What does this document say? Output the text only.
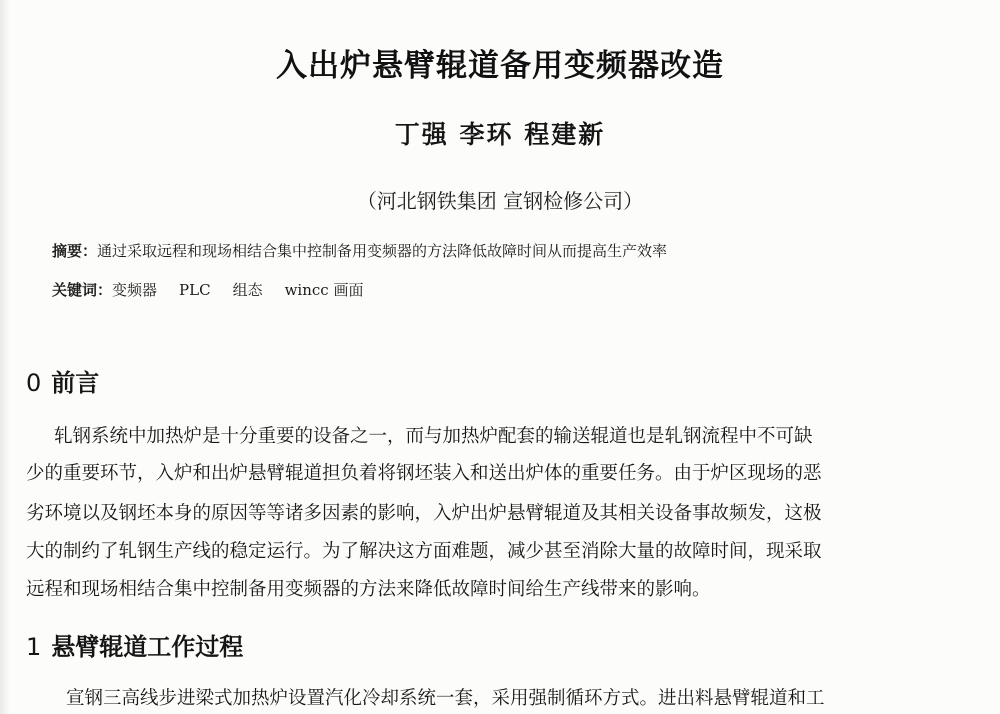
入出炉悬臂辊道备用变频器改造
丁强 李环 程建新
（河北钢铁集团 宣钢检修公司）
摘要：通过采取远程和现场相结合集中控制备用变频器的方法降低故障时间从而提高生产效率
关键词：变频器 PLC 组态 wincc 画面
0 前言
轧钢系统中加热炉是十分重要的设备之一，而与加热炉配套的输送辊道也是轧钢流程中不可缺
少的重要环节，入炉和出炉悬臂辊道担负着将钢坯装入和送出炉体的重要任务。由于炉区现场的恶
劣环境以及钢坯本身的原因等等诸多因素的影响，入炉出炉悬臂辊道及其相关设备事故频发，这极
大的制约了轧钢生产线的稳定运行。为了解决这方面难题，减少甚至消除大量的故障时间，现采取
远程和现场相结合集中控制备用变频器的方法来降低故障时间给生产线带来的影响。
1 悬臂辊道工作过程
宣钢三高线步进梁式加热炉设置汽化冷却系统一套，采用强制循环方式。进出料悬臂辊道和工
